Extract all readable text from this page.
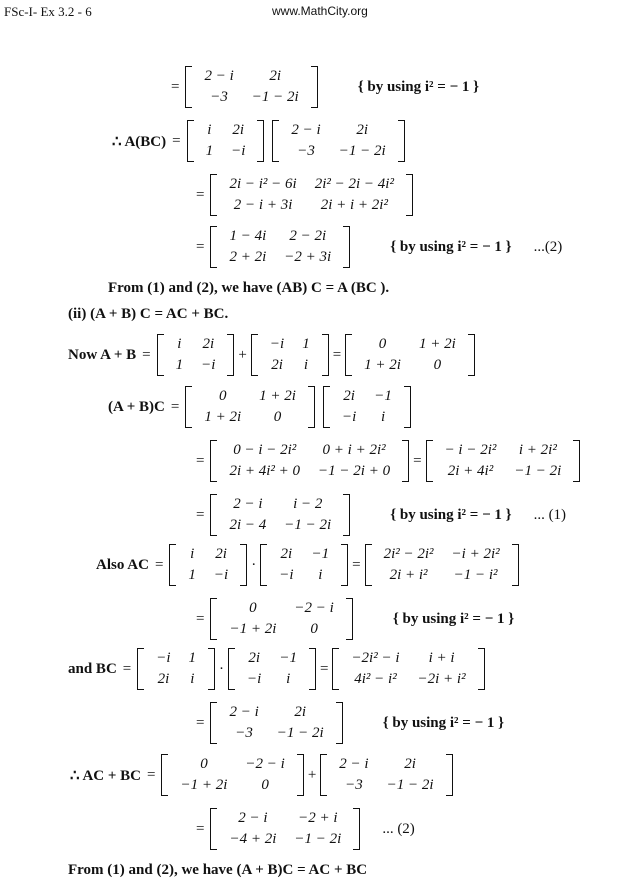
FSc-I- Ex 3.2 - 6	www.MathCity.org
=
2 − i	2i
−3	−1 − 2i
{ by using i² = − 1 }
∴ A(BC) =
i	2i
1	−i
2 − i	2i
−3	−1 − 2i
=
2i − i² − 6i	2i² − 2i − 4i²
2 − i + 3i	2i + i + 2i²
=
1 − 4i	2 − 2i
2 + 2i	−2 + 3i
{ by using i² = − 1 } ...(2)
From (1) and (2), we have (AB) C = A (BC ).
(ii) (A + B) C = AC + BC.
Now A + B =
i	2i
1	−i
+
−i	1
2i	i
=
0	1 + 2i
1 + 2i	0
(A + B)C =
0	1 + 2i
1 + 2i	0
2i	−1
−i	i
=
0 − i − 2i²	0 + i + 2i²
2i + 4i² + 0	−1 − 2i + 0
=
− i − 2i²	i + 2i²
2i + 4i²	−1 − 2i
=
2 − i	i − 2
2i − 4	−1 − 2i
{ by using i² = − 1 } ... (1)
Also AC =
i	2i
1	−i
·
2i	−1
−i	i
=
2i² − 2i²	−i + 2i²
2i + i²	−1 − i²
=
0	−2 − i
−1 + 2i	0
{ by using i² = − 1 }
and BC =
−i	1
2i	i
·
2i	−1
−i	i
=
−2i² − i	i + i
4i² − i²	−2i + i²
=
2 − i	2i
−3	−1 − 2i
{ by using i² = − 1 }
∴ AC + BC =
0	−2 − i
−1 + 2i	0
+
2 − i	2i
−3	−1 − 2i
=
2 − i	−2 + i
−4 + 2i	−1 − 2i
... (2)
From (1) and (2), we have (A + B)C = AC + BC
